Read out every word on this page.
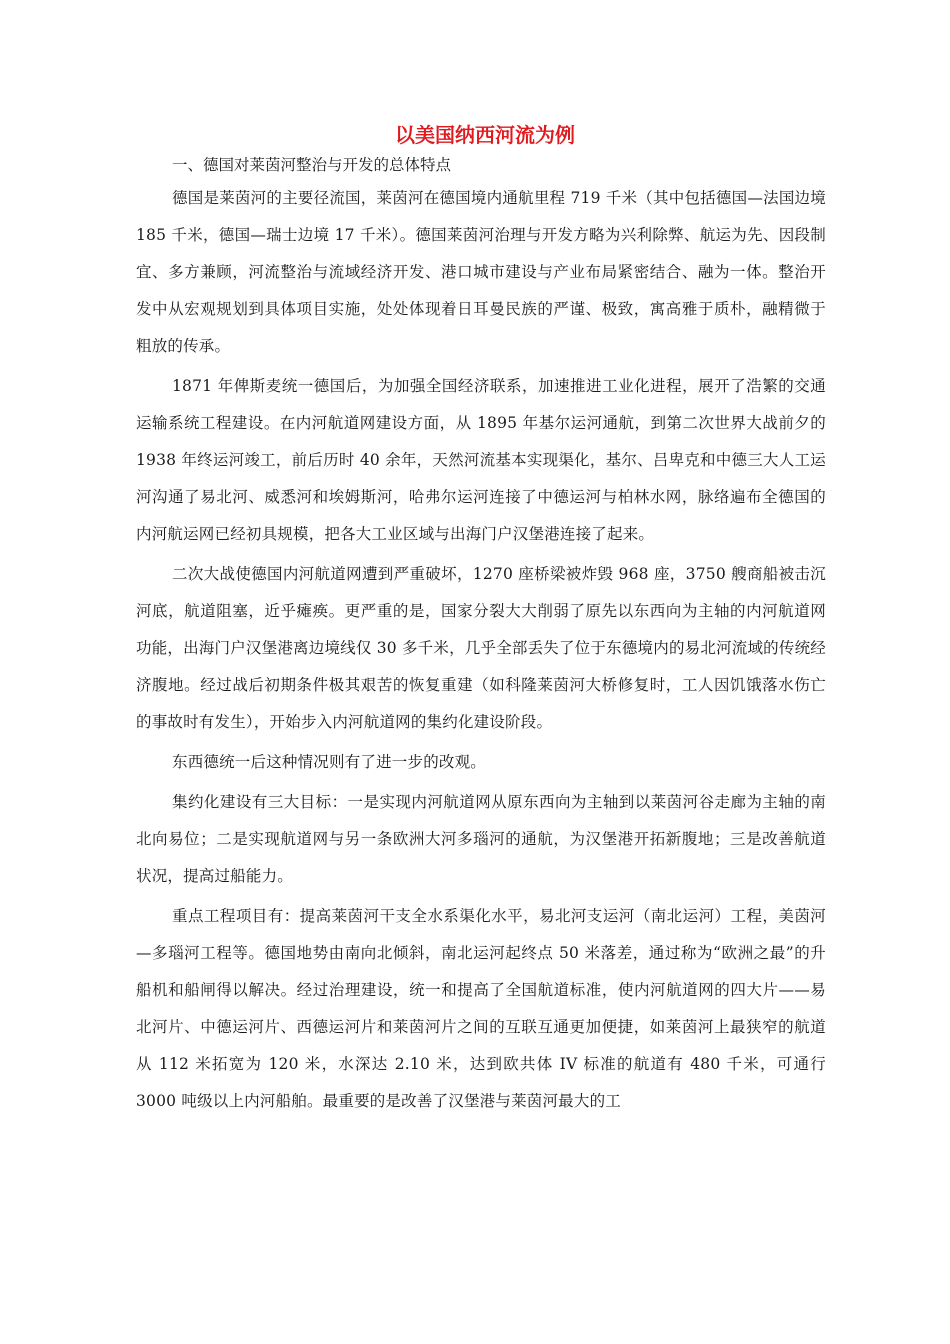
以美国纳西河流为例

一、德国对莱茵河整治与开发的总体特点

德国是莱茵河的主要径流国，莱茵河在德国境内通航里程 719 千米（其中包括德国—法国边境 185 千米，德国—瑞士边境 17 千米）。德国莱茵河治理与开发方略为兴利除弊、航运为先、因段制宜、多方兼顾，河流整治与流域经济开发、港口城市建设与产业布局紧密结合、融为一体。整治开发中从宏观规划到具体项目实施，处处体现着日耳曼民族的严谨、极致，寓高雅于质朴，融精微于粗放的传承。

1871 年俾斯麦统一德国后，为加强全国经济联系，加速推进工业化进程，展开了浩繁的交通运输系统工程建设。在内河航道网建设方面，从 1895 年基尔运河通航，到第二次世界大战前夕的 1938 年终运河竣工，前后历时 40 余年，天然河流基本实现渠化，基尔、吕卑克和中德三大人工运河沟通了易北河、威悉河和埃姆斯河，哈弗尔运河连接了中德运河与柏林水网，脉络遍布全德国的内河航运网已经初具规模，把各大工业区域与出海门户汉堡港连接了起来。

二次大战使德国内河航道网遭到严重破坏，1270 座桥梁被炸毁 968 座，3750 艘商船被击沉河底，航道阻塞，近乎瘫痪。更严重的是，国家分裂大大削弱了原先以东西向为主轴的内河航道网功能，出海门户汉堡港离边境线仅 30 多千米，几乎全部丢失了位于东德境内的易北河流域的传统经济腹地。经过战后初期条件极其艰苦的恢复重建（如科隆莱茵河大桥修复时，工人因饥饿落水伤亡的事故时有发生），开始步入内河航道网的集约化建设阶段。

东西德统一后这种情况则有了进一步的改观。

集约化建设有三大目标：一是实现内河航道网从原东西向为主轴到以莱茵河谷走廊为主轴的南北向易位；二是实现航道网与另一条欧洲大河多瑙河的通航，为汉堡港开拓新腹地；三是改善航道状况，提高过船能力。

重点工程项目有：提高莱茵河干支全水系渠化水平，易北河支运河（南北运河）工程，美茵河—多瑙河工程等。德国地势由南向北倾斜，南北运河起终点 50 米落差，通过称为“欧洲之最”的升船机和船闸得以解决。经过治理建设，统一和提高了全国航道标准，使内河航道网的四大片——易北河片、中德运河片、西德运河片和莱茵河片之间的互联互通更加便捷，如莱茵河上最狭窄的航道从 112 米拓宽为 120 米，水深达 2.10 米，达到欧共体 IV 标准的航道有 480 千米，可通行 3000 吨级以上内河船舶。最重要的是改善了汉堡港与莱茵河最大的工
